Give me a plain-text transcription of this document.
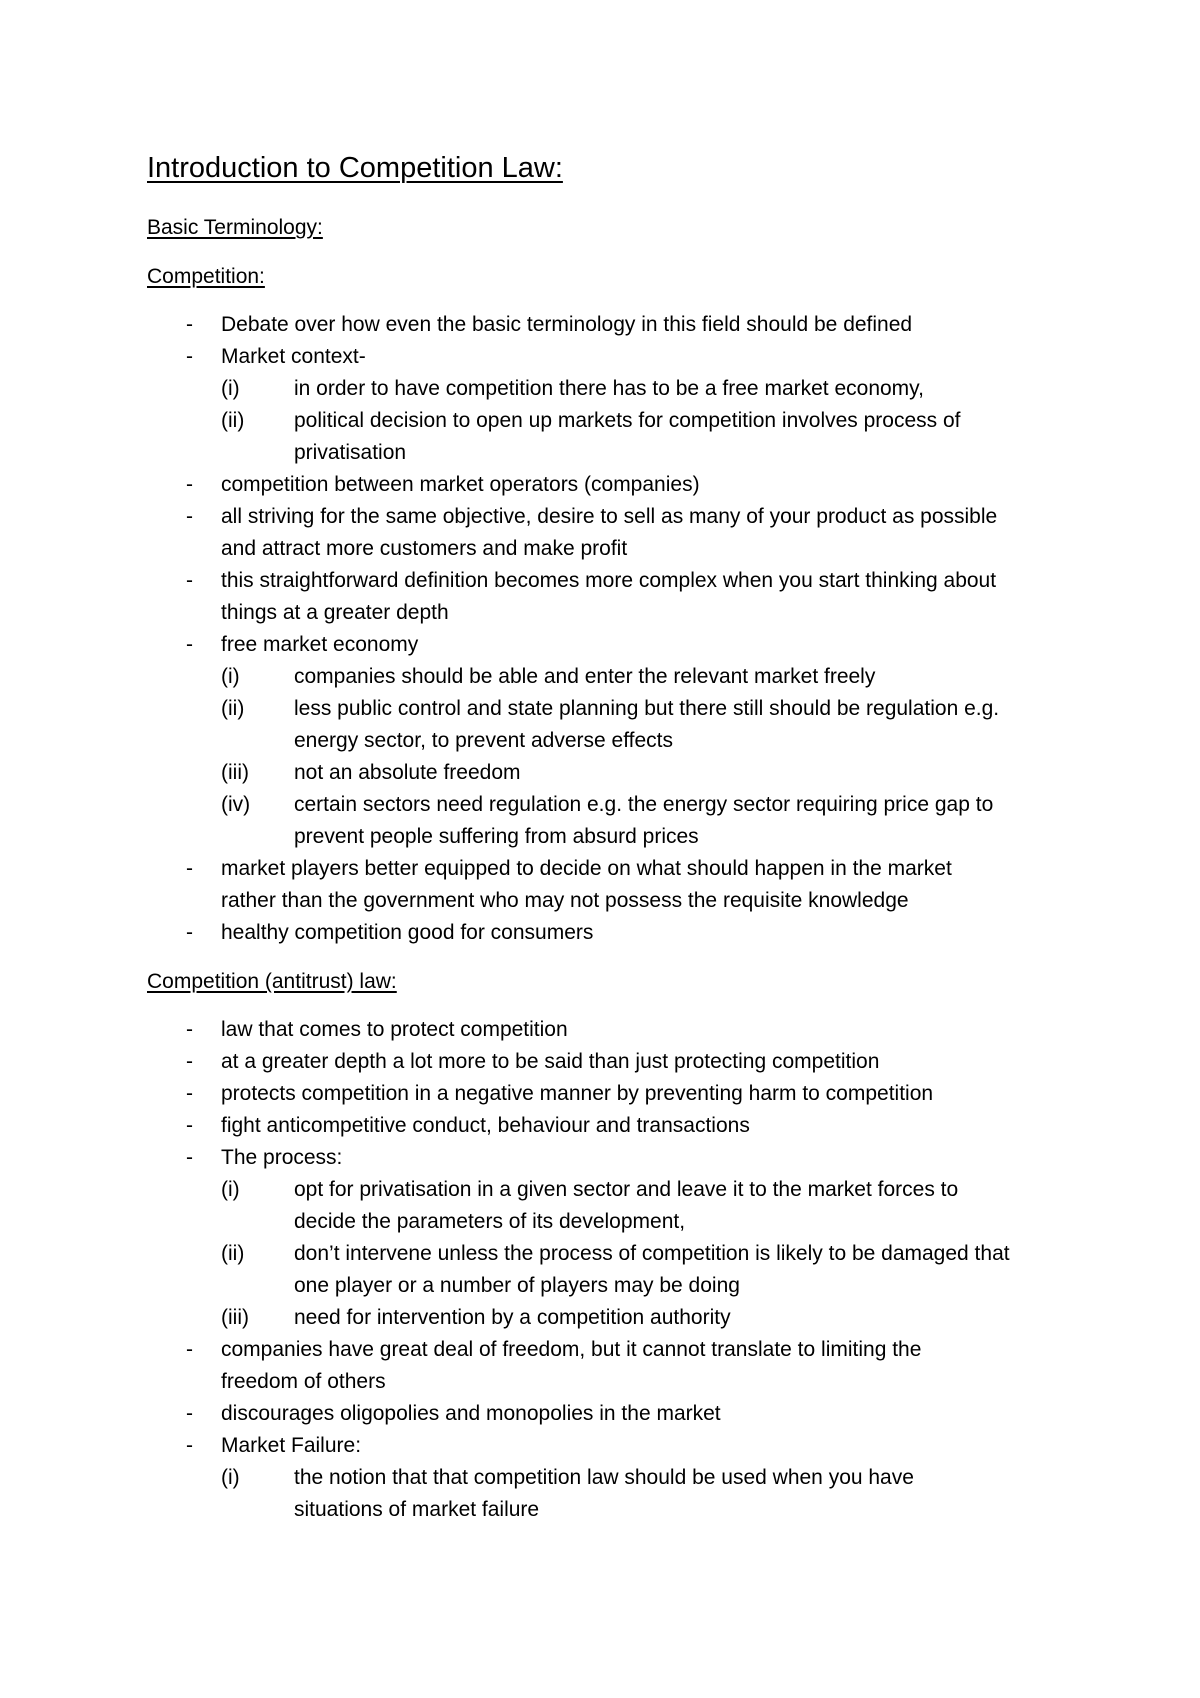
Introduction to Competition Law:
Basic Terminology:
Competition:
-	Debate over how even the basic terminology in this field should be defined
-	Market context-
(i)	in order to have competition there has to be a free market economy,
(ii)	political decision to open up markets for competition involves process of
privatisation
-	competition between market operators (companies)
-	all striving for the same objective, desire to sell as many of your product as possible
and attract more customers and make profit
-	this straightforward definition becomes more complex when you start thinking about
things at a greater depth
-	free market economy
(i)	companies should be able and enter the relevant market freely
(ii)	less public control and state planning but there still should be regulation e.g.
energy sector, to prevent adverse effects
(iii)	not an absolute freedom
(iv)	certain sectors need regulation e.g. the energy sector requiring price gap to
prevent people suffering from absurd prices
-	market players better equipped to decide on what should happen in the market
rather than the government who may not possess the requisite knowledge
-	healthy competition good for consumers
Competition (antitrust) law:
-	law that comes to protect competition
-	at a greater depth a lot more to be said than just protecting competition
-	protects competition in a negative manner by preventing harm to competition
-	fight anticompetitive conduct, behaviour and transactions
-	The process:
(i)	opt for privatisation in a given sector and leave it to the market forces to
decide the parameters of its development,
(ii)	don’t intervene unless the process of competition is likely to be damaged that
one player or a number of players may be doing
(iii)	need for intervention by a competition authority
-	companies have great deal of freedom, but it cannot translate to limiting the
freedom of others
-	discourages oligopolies and monopolies in the market
-	Market Failure:
(i)	the notion that that competition law should be used when you have
situations of market failure
